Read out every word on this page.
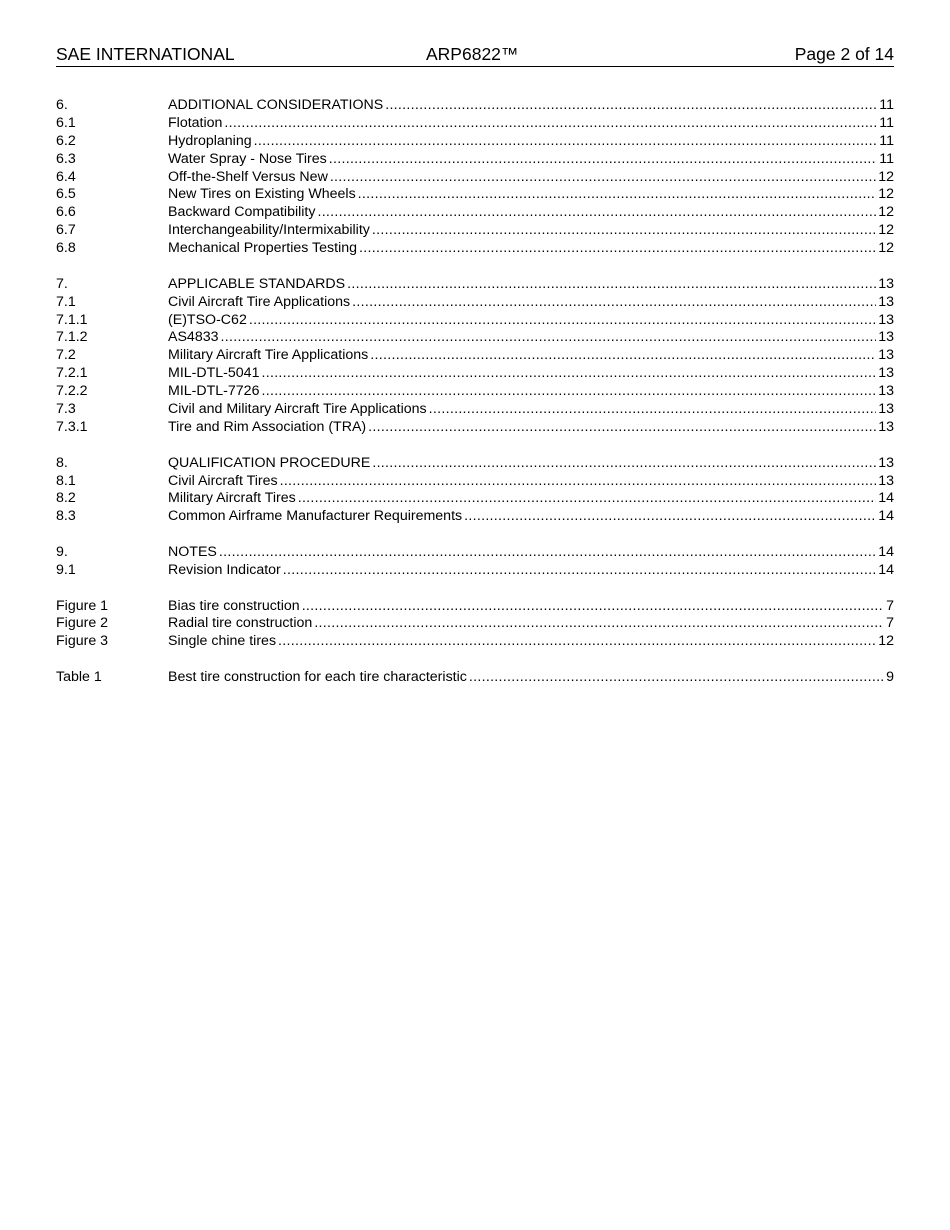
SAE INTERNATIONAL	ARP6822™	Page 2 of 14
6.	ADDITIONAL CONSIDERATIONS .....	11
6.1	Flotation .....	11
6.2	Hydroplaning .....	11
6.3	Water Spray - Nose Tires .....	11
6.4	Off-the-Shelf Versus New .....	12
6.5	New Tires on Existing Wheels .....	12
6.6	Backward Compatibility .....	12
6.7	Interchangeability/Intermixability .....	12
6.8	Mechanical Properties Testing .....	12
7.	APPLICABLE STANDARDS .....	13
7.1	Civil Aircraft Tire Applications .....	13
7.1.1	(E)TSO-C62 .....	13
7.1.2	AS4833 .....	13
7.2	Military Aircraft Tire Applications .....	13
7.2.1	MIL-DTL-5041 .....	13
7.2.2	MIL-DTL-7726 .....	13
7.3	Civil and Military Aircraft Tire Applications .....	13
7.3.1	Tire and Rim Association (TRA) .....	13
8.	QUALIFICATION PROCEDURE .....	13
8.1	Civil Aircraft Tires .....	13
8.2	Military Aircraft Tires .....	14
8.3	Common Airframe Manufacturer Requirements .....	14
9.	NOTES .....	14
9.1	Revision Indicator .....	14
Figure 1	Bias tire construction .....	7
Figure 2	Radial tire construction .....	7
Figure 3	Single chine tires .....	12
Table 1	Best tire construction for each tire characteristic .....	9
